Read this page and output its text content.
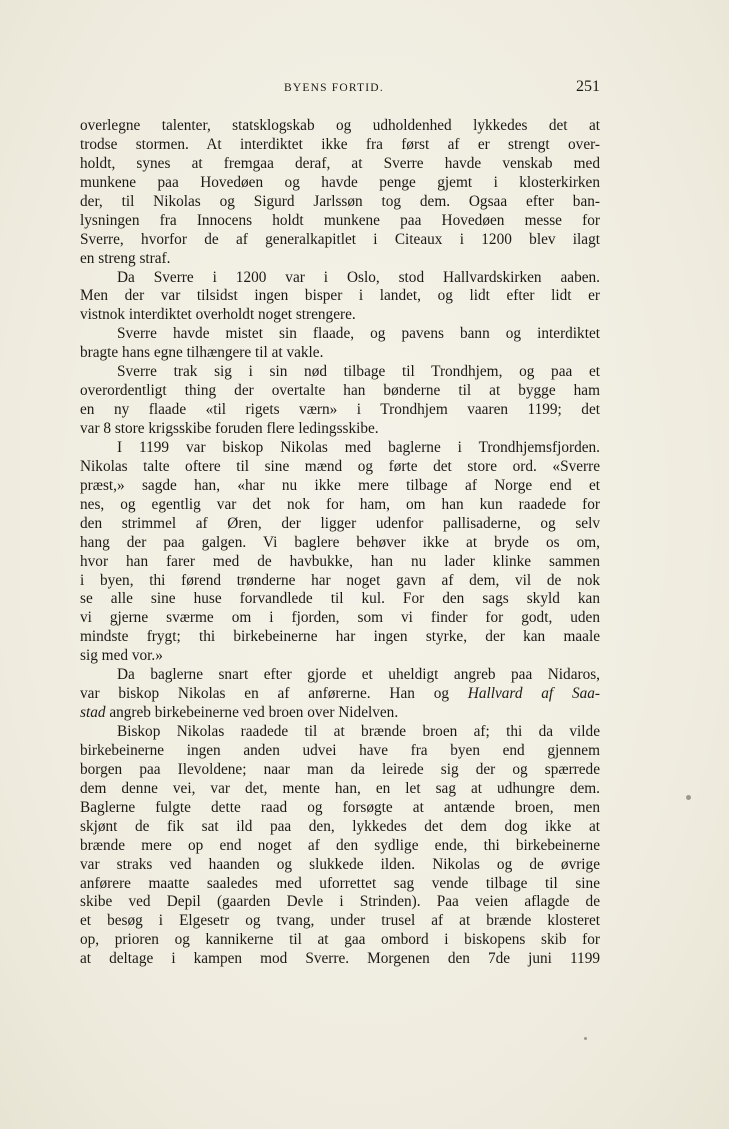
BYENS FORTID.	251
overlegne talenter, statsklogskab og udholdenhed lykkedes det at
trodse stormen. At interdiktet ikke fra først af er strengt over-
holdt, synes at fremgaa deraf, at Sverre havde venskab med
munkene paa Hovedøen og havde penge gjemt i klosterkirken
der, til Nikolas og Sigurd Jarlssøn tog dem. Ogsaa efter ban-
lysningen fra Innocens holdt munkene paa Hovedøen messe for
Sverre, hvorfor de af generalkapitlet i Citeaux i 1200 blev ilagt
en streng straf.
Da Sverre i 1200 var i Oslo, stod Hallvardskirken aaben.
Men der var tilsidst ingen bisper i landet, og lidt efter lidt er
vistnok interdiktet overholdt noget strengere.
Sverre havde mistet sin flaade, og pavens bann og interdiktet
bragte hans egne tilhængere til at vakle.
Sverre trak sig i sin nød tilbage til Trondhjem, og paa et
overordentligt thing der overtalte han bønderne til at bygge ham
en ny flaade «til rigets værn» i Trondhjem vaaren 1199; det
var 8 store krigsskibe foruden flere ledingsskibe.
I 1199 var biskop Nikolas med baglerne i Trondhjemsfjorden.
Nikolas talte oftere til sine mænd og førte det store ord. «Sverre
præst,» sagde han, «har nu ikke mere tilbage af Norge end et
nes, og egentlig var det nok for ham, om han kun raadede for
den strimmel af Øren, der ligger udenfor pallisaderne, og selv
hang der paa galgen. Vi baglere behøver ikke at bryde os om,
hvor han farer med de havbukke, han nu lader klinke sammen
i byen, thi førend trønderne har noget gavn af dem, vil de nok
se alle sine huse forvandlede til kul. For den sags skyld kan
vi gjerne sværme om i fjorden, som vi finder for godt, uden
mindste frygt; thi birkebeinerne har ingen styrke, der kan maale
sig med vor.»
Da baglerne snart efter gjorde et uheldigt angreb paa Nidaros,
var biskop Nikolas en af anførerne. Han og Hallvard af Saa-
stad angreb birkebeinerne ved broen over Nidelven.
Biskop Nikolas raadede til at brænde broen af; thi da vilde
birkebeinerne ingen anden udvei have fra byen end gjennem
borgen paa Ilevoldene; naar man da leirede sig der og spærrede
dem denne vei, var det, mente han, en let sag at udhungre dem.
Baglerne fulgte dette raad og forsøgte at antænde broen, men
skjønt de fik sat ild paa den, lykkedes det dem dog ikke at
brænde mere op end noget af den sydlige ende, thi birkebeinerne
var straks ved haanden og slukkede ilden. Nikolas og de øvrige
anførere maatte saaledes med uforrettet sag vende tilbage til sine
skibe ved Depil (gaarden Devle i Strinden). Paa veien aflagde de
et besøg i Elgesetr og tvang, under trusel af at brænde klosteret
op, prioren og kannikerne til at gaa ombord i biskopens skib for
at deltage i kampen mod Sverre. Morgenen den 7de juni 1199
